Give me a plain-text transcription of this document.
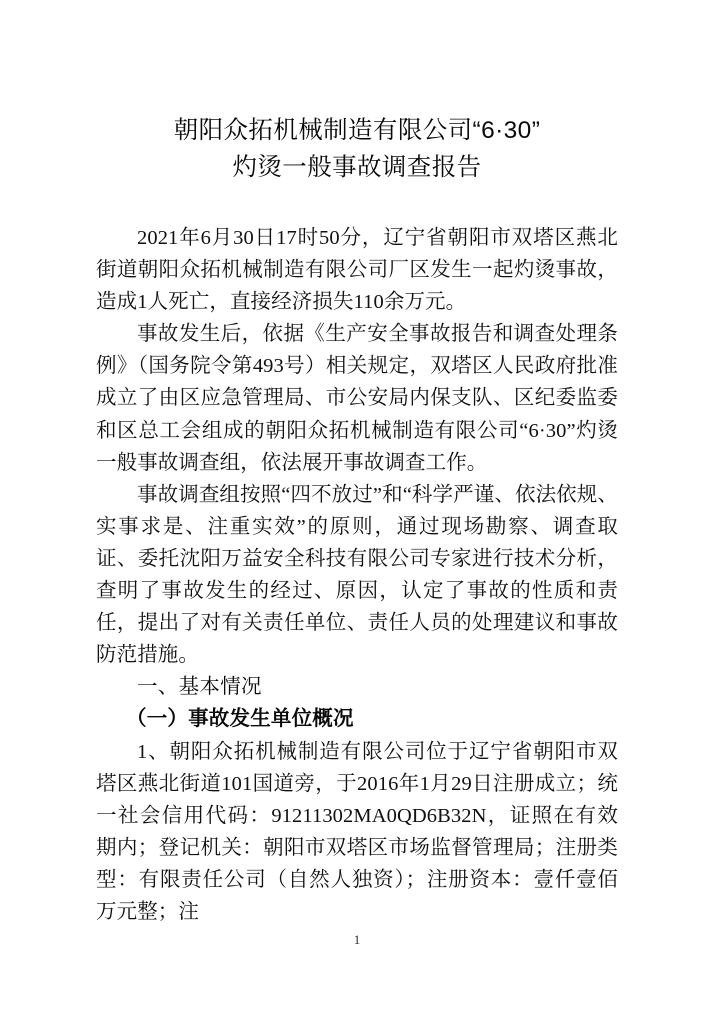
朝阳众拓机械制造有限公司“6·30”
灼烫一般事故调查报告

2021年6月30日17时50分，辽宁省朝阳市双塔区燕北街道朝阳众拓机械制造有限公司厂区发生一起灼烫事故，造成1人死亡，直接经济损失110余万元。

事故发生后，依据《生产安全事故报告和调查处理条例》（国务院令第493号）相关规定，双塔区人民政府批准成立了由区应急管理局、市公安局内保支队、区纪委监委和区总工会组成的朝阳众拓机械制造有限公司“6·30”灼烫一般事故调查组，依法展开事故调查工作。

事故调查组按照“四不放过”和“科学严谨、依法依规、实事求是、注重实效”的原则，通过现场勘察、调查取证、委托沈阳万益安全科技有限公司专家进行技术分析，查明了事故发生的经过、原因，认定了事故的性质和责任，提出了对有关责任单位、责任人员的处理建议和事故防范措施。

一、基本情况
（一）事故发生单位概况

1、朝阳众拓机械制造有限公司位于辽宁省朝阳市双塔区燕北街道101国道旁，于2016年1月29日注册成立；统一社会信用代码：91211302MA0QD6B32N，证照在有效期内；登记机关：朝阳市双塔区市场监督管理局；注册类型：有限责任公司（自然人独资）；注册资本：壹仟壹佰万元整；注

1
